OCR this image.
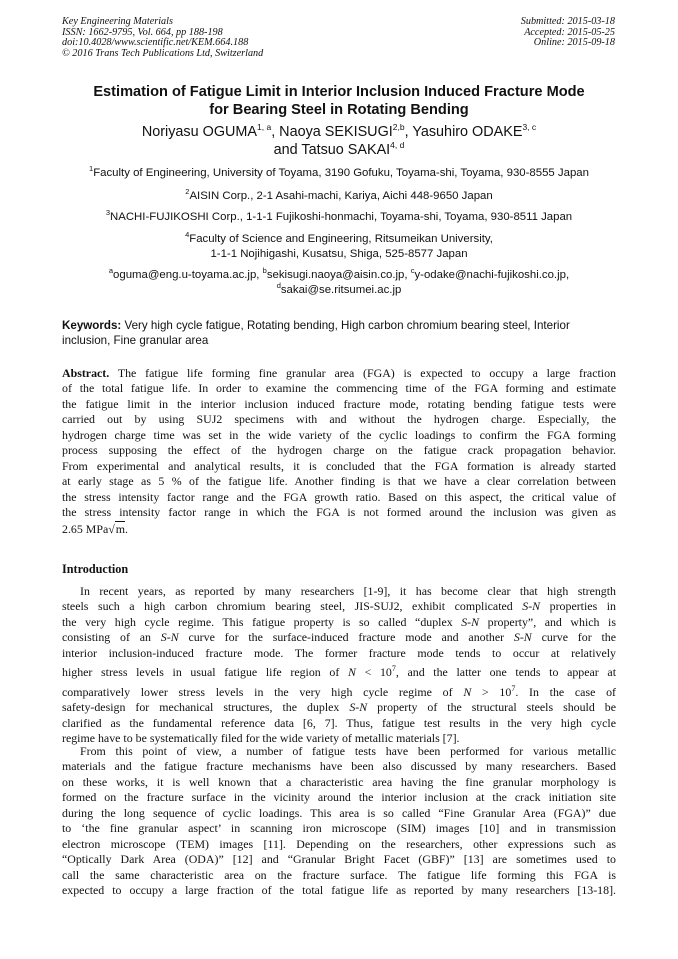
Key Engineering Materials
ISSN: 1662-9795, Vol. 664, pp 188-198
doi:10.4028/www.scientific.net/KEM.664.188
© 2016 Trans Tech Publications Ltd, Switzerland
Submitted: 2015-03-18
Accepted: 2015-05-25
Online: 2015-09-18
Estimation of Fatigue Limit in Interior Inclusion Induced Fracture Mode
for Bearing Steel in Rotating Bending
Noriyasu OGUMA$^{1, a}$, Naoya SEKISUGI$^{2,b}$, Yasuhiro ODAKE$^{3, c}$
and Tatsuo SAKAI$^{4, d}$
$^1$Faculty of Engineering, University of Toyama, 3190 Gofuku, Toyama-shi, Toyama, 930-8555 Japan
$^2$AISIN Corp., 2-1 Asahi-machi, Kariya, Aichi 448-9650 Japan
$^3$NACHI-FUJIKOSHI Corp., 1-1-1 Fujikoshi-honmachi, Toyama-shi, Toyama, 930-8511 Japan
$^4$Faculty of Science and Engineering, Ritsumeikan University,
1-1-1 Nojihigashi, Kusatsu, Shiga, 525-8577 Japan
$^a$oguma@eng.u-toyama.ac.jp, $^b$sekisugi.naoya@aisin.co.jp, $^c$y-odake@nachi-fujikoshi.co.jp,
$^d$sakai@se.ritsumei.ac.jp
Keywords: Very high cycle fatigue, Rotating bending, High carbon chromium bearing steel, Interior inclusion, Fine granular area
Abstract. The fatigue life forming fine granular area (FGA) is expected to occupy a large fraction
of the total fatigue life. In order to examine the commencing time of the FGA forming and estimate
the fatigue limit in the interior inclusion induced fracture mode, rotating bending fatigue tests were
carried out by using SUJ2 specimens with and without the hydrogen charge. Especially, the
hydrogen charge time was set in the wide variety of the cyclic loadings to confirm the FGA forming
process supposing the effect of the hydrogen charge on the fatigue crack propagation behavior.
From experimental and analytical results, it is concluded that the FGA formation is already started
at early stage as 5 % of the fatigue life. Another finding is that we have a clear correlation between
the stress intensity factor range and the FGA growth ratio. Based on this aspect, the critical value of
the stress intensity factor range in which the FGA is not formed around the inclusion was given as
2.65 MPa√m.
Introduction
In recent years, as reported by many researchers [1-9], it has become clear that high strength
steels such a high carbon chromium bearing steel, JIS-SUJ2, exhibit complicated S-N properties in
the very high cycle regime. This fatigue property is so called “duplex S-N property”, and which is
consisting of an S-N curve for the surface-induced fracture mode and another S-N curve for the
interior inclusion-induced fracture mode. The former fracture mode tends to occur at relatively
higher stress levels in usual fatigue life region of $N < 10^7$, and the latter one tends to appear at
comparatively lower stress levels in the very high cycle regime of $N > 10^7$. In the case of
safety-design for mechanical structures, the duplex S-N property of the structural steels should be
clarified as the fundamental reference data [6, 7]. Thus, fatigue test results in the very high cycle
regime have to be systematically filed for the wide variety of metallic materials [7].
From this point of view, a number of fatigue tests have been performed for various metallic
materials and the fatigue fracture mechanisms have been also discussed by many researchers. Based
on these works, it is well known that a characteristic area having the fine granular morphology is
formed on the fracture surface in the vicinity around the interior inclusion at the crack initiation site
during the long sequence of cyclic loadings. This area is so called “Fine Granular Area (FGA)” due
to ‘the fine granular aspect’ in scanning iron microscope (SIM) images [10] and in transmission
electron microscope (TEM) images [11]. Depending on the researchers, other expressions such as
“Optically Dark Area (ODA)” [12] and “Granular Bright Facet (GBF)” [13] are sometimes used to
call the same characteristic area on the fracture surface. The fatigue life forming this FGA is
expected to occupy a large fraction of the total fatigue life as reported by many researchers [13-18].
